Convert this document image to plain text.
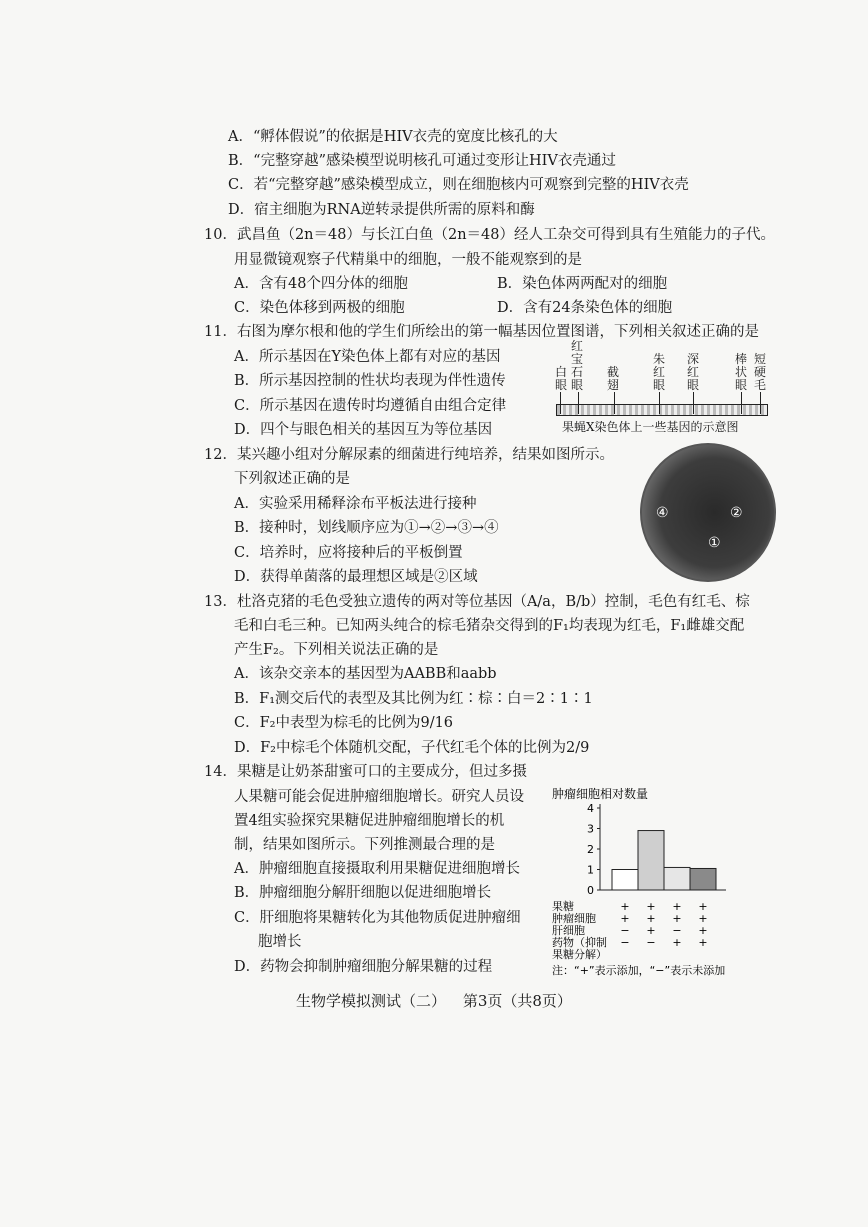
A．“孵体假说”的依据是HIV衣壳的宽度比核孔的大
B．“完整穿越”感染模型说明核孔可通过变形让HIV衣壳通过
C．若“完整穿越”感染模型成立，则在细胞核内可观察到完整的HIV衣壳
D．宿主细胞为RNA逆转录提供所需的原料和酶
10．武昌鱼（2n＝48）与长江白鱼（2n＝48）经人工杂交可得到具有生殖能力的子代。
用显微镜观察子代精巢中的细胞，一般不能观察到的是
A．含有48个四分体的细胞	B．染色体两两配对的细胞
C．染色体移到两极的细胞	D．含有24条染色体的细胞
11．右图为摩尔根和他的学生们所绘出的第一幅基因位置图谱，下列相关叙述正确的是
A．所示基因在Y染色体上都有对应的基因
B．所示基因控制的性状均表现为伴性遗传
C．所示基因在遗传时均遵循自由组合定律
D．四个与眼色相关的基因互为等位基因
白眼
红宝石眼
截翅
朱红眼
深红眼
棒状眼
短硬毛
果蝇X染色体上一些基因的示意图
12．某兴趣小组对分解尿素的细菌进行纯培养，结果如图所示。
下列叙述正确的是
A．实验采用稀释涂布平板法进行接种
B．接种时，划线顺序应为①→②→③→④
C．培养时，应将接种后的平板倒置
D．获得单菌落的最理想区域是②区域
④	②
①
13．杜洛克猪的毛色受独立遗传的两对等位基因（A/a，B/b）控制，毛色有红毛、棕
毛和白毛三种。已知两头纯合的棕毛猪杂交得到的F₁均表现为红毛，F₁雌雄交配
产生F₂。下列相关说法正确的是
A．该杂交亲本的基因型为AABB和aabb
B．F₁测交后代的表型及其比例为红∶棕∶白＝2∶1∶1
C．F₂中表型为棕毛的比例为9/16
D．F₂中棕毛个体随机交配，子代红毛个体的比例为2/9
14．果糖是让奶茶甜蜜可口的主要成分，但过多摄
人果糖可能会促进肿瘤细胞增长。研究人员设
置4组实验探究果糖促进肿瘤细胞增长的机
制，结果如图所示。下列推测最合理的是
A．肿瘤细胞直接摄取利用果糖促进细胞增长
B．肿瘤细胞分解肝细胞以促进细胞增长
C．肝细胞将果糖转化为其他物质促进肿瘤细
胞增长
D．药物会抑制肿瘤细胞分解果糖的过程
肿瘤细胞相对数量
0
1
2
3
4
果糖	+ + + +
肿瘤细胞 + + + +
肝细胞	− + − +
药物（抑制 − − + +
果糖分解）
注：“+”表示添加，“−”表示未添加
生物学模拟测试（二） 第3页（共8页）
